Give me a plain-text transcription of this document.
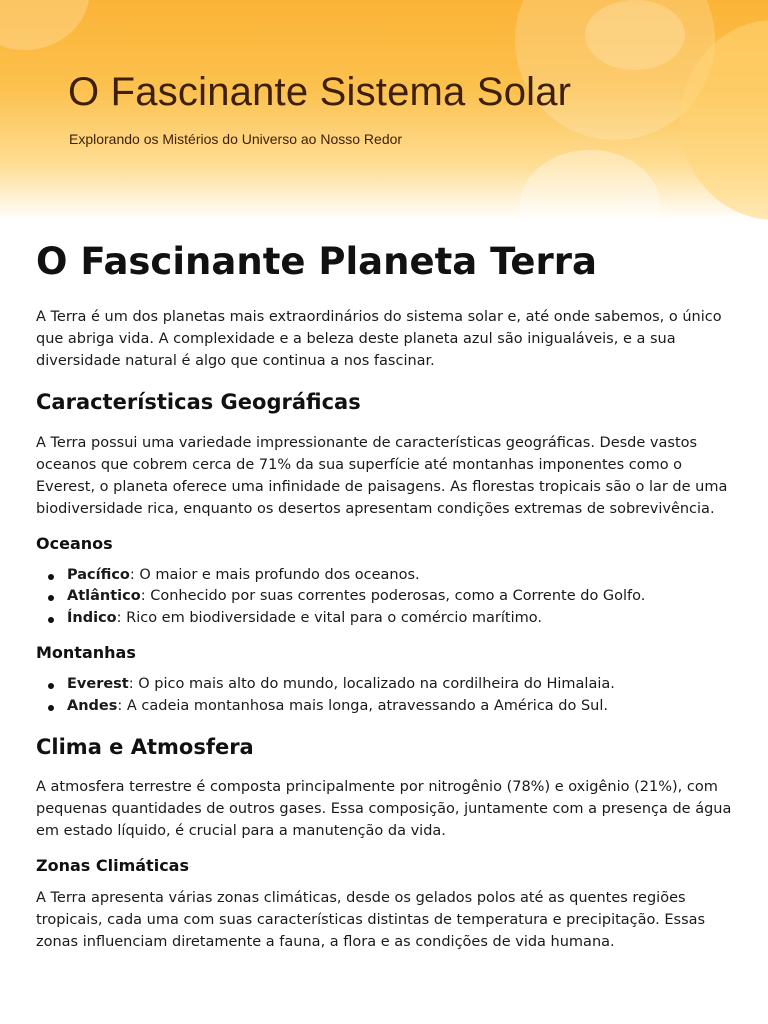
O Fascinante Sistema Solar

Explorando os Mistérios do Universo ao Nosso Redor

O Fascinante Planeta Terra

A Terra é um dos planetas mais extraordinários do sistema solar e, até onde sabemos, o único que abriga vida. A complexidade e a beleza deste planeta azul são inigualáveis, e a sua diversidade natural é algo que continua a nos fascinar.

Características Geográficas

A Terra possui uma variedade impressionante de características geográficas. Desde vastos oceanos que cobrem cerca de 71% da sua superfície até montanhas imponentes como o Everest, o planeta oferece uma infinidade de paisagens. As florestas tropicais são o lar de uma biodiversidade rica, enquanto os desertos apresentam condições extremas de sobrevivência.

Oceanos
Pacífico: O maior e mais profundo dos oceanos.
Atlântico: Conhecido por suas correntes poderosas, como a Corrente do Golfo.
Índico: Rico em biodiversidade e vital para o comércio marítimo.
Montanhas
Everest: O pico mais alto do mundo, localizado na cordilheira do Himalaia.
Andes: A cadeia montanhosa mais longa, atravessando a América do Sul.
Clima e Atmosfera

A atmosfera terrestre é composta principalmente por nitrogênio (78%) e oxigênio (21%), com pequenas quantidades de outros gases. Essa composição, juntamente com a presença de água em estado líquido, é crucial para a manutenção da vida.

Zonas Climáticas

A Terra apresenta várias zonas climáticas, desde os gelados polos até as quentes regiões tropicais, cada uma com suas características distintas de temperatura e precipitação. Essas zonas influenciam diretamente a fauna, a flora e as condições de vida humana.
